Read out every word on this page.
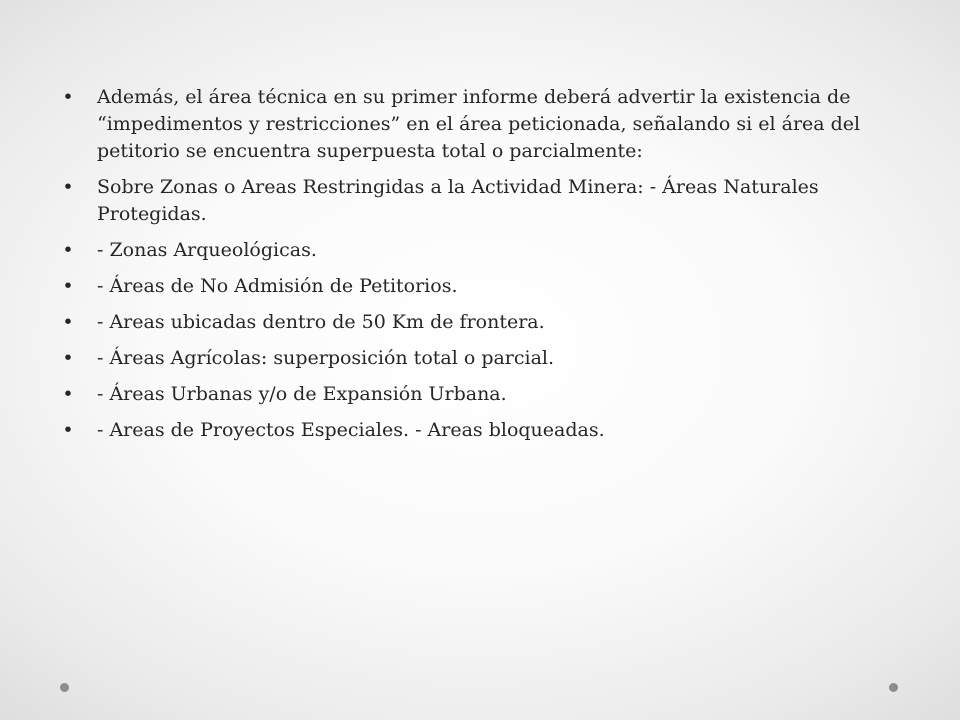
• Además, el área técnica en su primer informe deberá advertir la existencia de “impedimentos y restricciones” en el área peticionada, señalando si el área del petitorio se encuentra superpuesta total o parcialmente:
• Sobre Zonas o Areas Restringidas a la Actividad Minera: - Áreas Naturales Protegidas.
• - Zonas Arqueológicas.
• - Áreas de No Admisión de Petitorios.
• - Areas ubicadas dentro de 50 Km de frontera.
• - Áreas Agrícolas: superposición total o parcial.
• - Áreas Urbanas y/o de Expansión Urbana.
• - Areas de Proyectos Especiales. - Areas bloqueadas.
